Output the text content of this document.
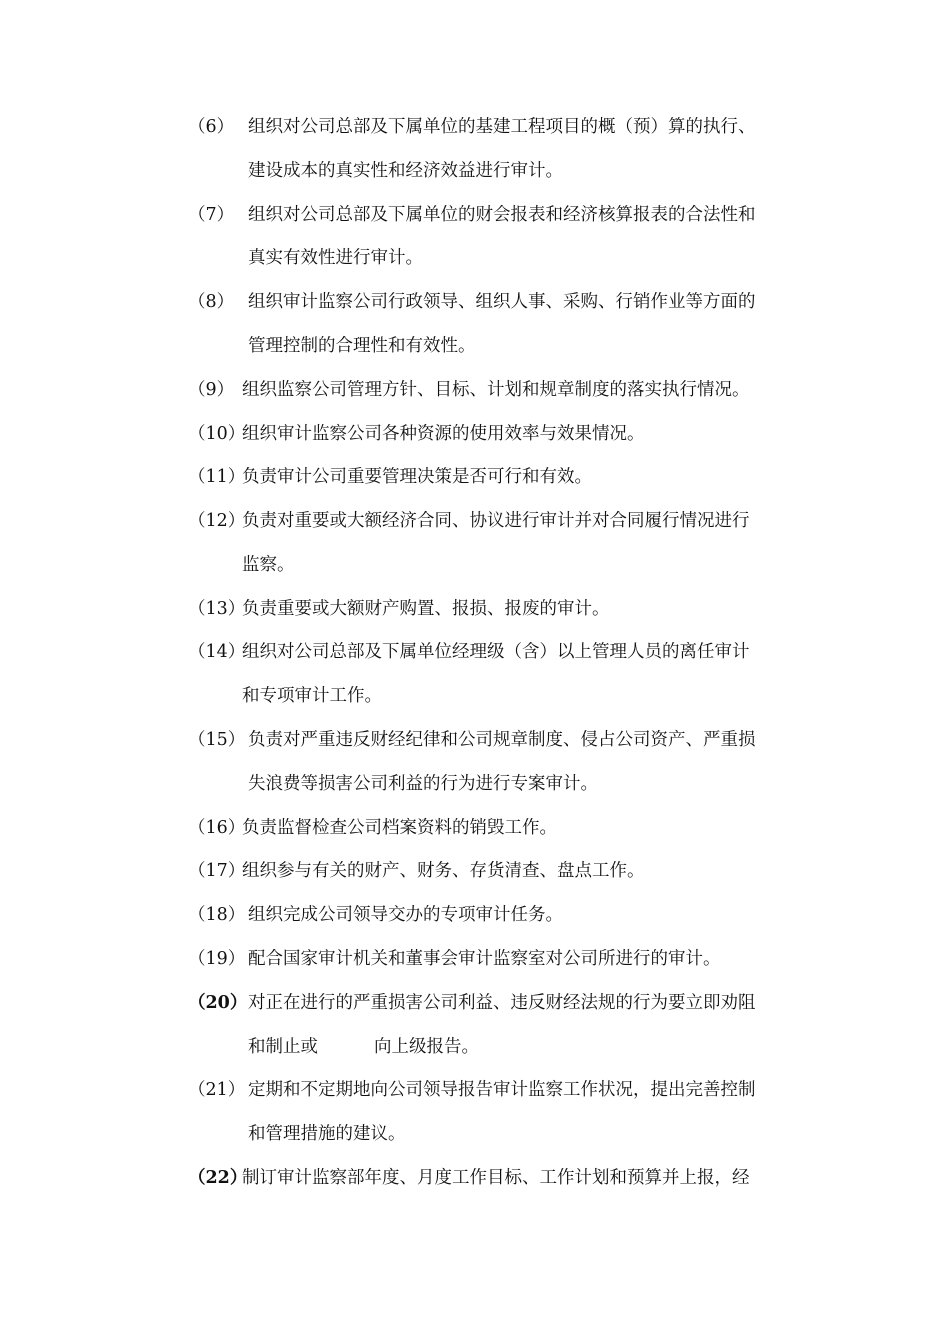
（6） 组织对公司总部及下属单位的基建工程项目的概（预）算的执行、
建设成本的真实性和经济效益进行审计。
（7） 组织对公司总部及下属单位的财会报表和经济核算报表的合法性和
真实有效性进行审计。
（8） 组织审计监察公司行政领导、组织人事、采购、行销作业等方面的
管理控制的合理性和有效性。
（9） 组织监察公司管理方针、目标、计划和规章制度的落实执行情况。
（10）
组织审计监察公司各种资源的使用效率与效果情况。
（11）
负责审计公司重要管理决策是否可行和有效。
（12）
负责对重要或大额经济合同、协议进行审计并对合同履行情况进行
监察。
（13）
负责重要或大额财产购置、报损、报废的审计。
（14）
组织对公司总部及下属单位经理级（含）以上管理人员的离任审计
和专项审计工作。
（15） 负责对严重违反财经纪律和公司规章制度、侵占公司资产、严重损
失浪费等损害公司利益的行为进行专案审计。
（16）
负责监督检查公司档案资料的销毁工作。
（17）
组织参与有关的财产、财务、存货清查、盘点工作。
（18） 组织完成公司领导交办的专项审计任务。
（19） 配合国家审计机关和董事会审计监察室对公司所进行的审计。
（20） 对正在进行的严重损害公司利益、违反财经法规的行为要立即劝阻
和制止或	向上级报告。
（21） 定期和不定期地向公司领导报告审计监察工作状况，提出完善控制
和管理措施的建议。
（22）
制订审计监察部年度、月度工作目标、工作计划和预算并上报，经
